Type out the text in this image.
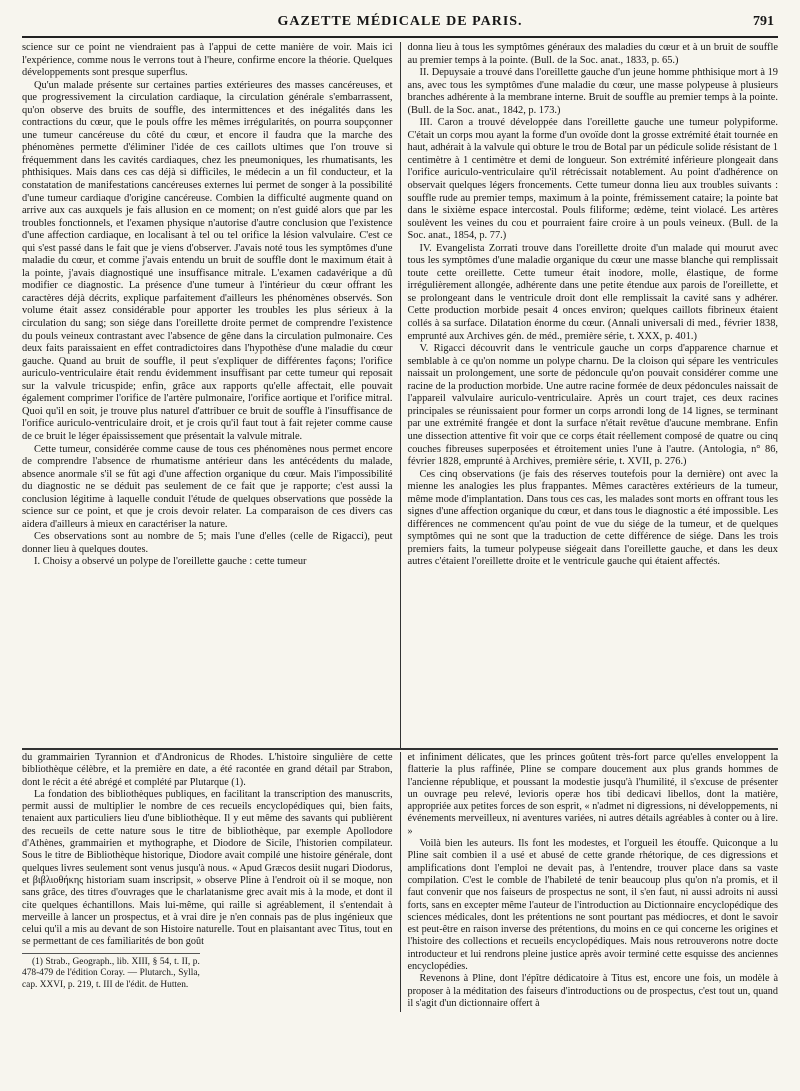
GAZETTE MÉDICALE DE PARIS.	791

science sur ce point ne viendraient pas à l'appui de cette manière de voir. Mais ici l'expérience, comme nous le verrons tout à l'heure, confirme encore la théorie. Quelques développements sont presque superflus.

Qu'un malade présente sur certaines parties extérieures des masses cancéreuses, et que progressivement la circulation cardiaque, la circulation générale s'embarrassent, qu'on observe des bruits de souffle, des intermittences et des inégalités dans les contractions du cœur, que le pouls offre les mêmes irrégularités, on pourra soupçonner une tumeur cancéreuse du côté du cœur, et encore il faudra que la marche des phénomènes permette d'éliminer l'idée de ces caillots ultimes que l'on trouve si fréquemment dans les cavités cardiaques, chez les pneumoniques, les rhumatisants, les phthisiques. Mais dans ces cas déjà si difficiles, le médecin a un fil conducteur, et la constatation de manifestations cancéreuses externes lui permet de songer à la possibilité d'une tumeur cardiaque d'origine cancéreuse. Combien la difficulté augmente quand on arrive aux cas auxquels je fais allusion en ce moment; on n'est guidé alors que par les troubles fonctionnels, et l'examen physique n'autorise d'autre conclusion que l'existence d'une affection cardiaque, en localisant à tel ou tel orifice la lésion valvulaire. C'est ce qui s'est passé dans le fait que je viens d'observer. J'avais noté tous les symptômes d'une maladie du cœur, et comme j'avais entendu un bruit de souffle dont le maximum était à la pointe, j'avais diagnostiqué une insuffisance mitrale. L'examen cadavérique a dû modifier ce diagnostic. La présence d'une tumeur à l'intérieur du cœur offrant les caractères déjà décrits, explique parfaitement d'ailleurs les phénomènes observés. Son volume était assez considérable pour apporter les troubles les plus sérieux à la circulation du sang; son siége dans l'oreillette droite permet de comprendre l'existence du pouls veineux contrastant avec l'absence de gêne dans la circulation pulmonaire. Ces deux faits paraissaient en effet contradictoires dans l'hypothèse d'une maladie du cœur gauche. Quand au bruit de souffle, il peut s'expliquer de différentes façons; l'orifice auriculo-ventriculaire était rendu évidemment insuffisant par cette tumeur qui reposait sur la valvule tricuspide; enfin, grâce aux rapports qu'elle affectait, elle pouvait également comprimer l'orifice de l'artère pulmonaire, l'orifice aortique et l'orifice mitral. Quoi qu'il en soit, je trouve plus naturel d'attribuer ce bruit de souffle à l'insuffisance de l'orifice auriculo-ventriculaire droit, et je crois qu'il faut tout à fait rejeter comme cause de ce bruit le léger épaississement que présentait la valvule mitrale.

Cette tumeur, considérée comme cause de tous ces phénomènes nous permet encore de comprendre l'absence de rhumatisme antérieur dans les antécédents du malade, absence anormale s'il se fût agi d'une affection organique du cœur. Mais l'impossibilité du diagnostic ne se déduit pas seulement de ce fait que je rapporte; c'est aussi la conclusion légitime à laquelle conduit l'étude de quelques observations que possède la science sur ce point, et que je crois devoir relater. La comparaison de ces divers cas aidera d'ailleurs à mieux en caractériser la nature.

Ces observations sont au nombre de 5; mais l'une d'elles (celle de Rigacci), peut donner lieu à quelques doutes.

I. Choisy a observé un polype de l'oreillette gauche : cette tumeur

donna lieu à tous les symptômes généraux des maladies du cœur et à un bruit de souffle au premier temps à la pointe. (Bull. de la Soc. anat., 1833, p. 65.)

II. Depuysaie a trouvé dans l'oreillette gauche d'un jeune homme phthisique mort à 19 ans, avec tous les symptômes d'une maladie du cœur, une masse polypeuse à plusieurs branches adhérente à la membrane interne. Bruit de souffle au premier temps à la pointe. (Bull. de la Soc. anat., 1842, p. 173.)

III. Caron a trouvé développée dans l'oreillette gauche une tumeur polypiforme. C'était un corps mou ayant la forme d'un ovoïde dont la grosse extrémité était tournée en haut, adhérait à la valvule qui obture le trou de Botal par un pédicule solide résistant de 1 centimètre à 1 centimètre et demi de longueur. Son extrémité inférieure plongeait dans l'orifice auriculo-ventriculaire qu'il rétrécissait notablement. Au point d'adhérence on observait quelques légers froncements. Cette tumeur donna lieu aux troubles suivants : souffle rude au premier temps, maximum à la pointe, frémissement cataire; la pointe bat dans le sixième espace intercostal. Pouls filiforme; œdème, teint violacé. Les artères soulèvent les veines du cou et pourraient faire croire à un pouls veineux. (Bull. de la Soc. anat., 1854, p. 77.)

IV. Evangelista Zorrati trouve dans l'oreillette droite d'un malade qui mourut avec tous les symptômes d'une maladie organique du cœur une masse blanche qui remplissait toute cette oreillette. Cette tumeur était inodore, molle, élastique, de forme irrégulièrement allongée, adhérente dans une petite étendue aux parois de l'oreillette, et se prolongeant dans le ventricule droit dont elle remplissait la cavité sans y adhérer. Cette production morbide pesait 4 onces environ; quelques caillots fibrineux étaient collés à sa surface. Dilatation énorme du cœur. (Annali universali di med., février 1838, emprunté aux Archives gén. de méd., première série, t. XXX, p. 401.)

V. Rigacci découvrit dans le ventricule gauche un corps d'apparence charnue et semblable à ce qu'on nomme un polype charnu. De la cloison qui sépare les ventricules naissait un prolongement, une sorte de pédoncule qu'on pouvait considérer comme une racine de la production morbide. Une autre racine formée de deux pédoncules naissait de l'appareil valvulaire auriculo-ventriculaire. Après un court trajet, ces deux racines principales se réunissaient pour former un corps arrondi long de 14 lignes, se terminant par une extrémité frangée et dont la surface n'était revêtue d'aucune membrane. Enfin une dissection attentive fit voir que ce corps était réellement composé de quatre ou cinq couches fibreuses superposées et étroitement unies l'une à l'autre. (Antologia, n° 86, février 1828, emprunté à Archives, première série, t. XVII, p. 276.)

Ces cinq observations (je fais des réserves toutefois pour la dernière) ont avec la mienne les analogies les plus frappantes. Mêmes caractères extérieurs de la tumeur, même mode d'implantation. Dans tous ces cas, les malades sont morts en offrant tous les signes d'une affection organique du cœur, et dans tous le diagnostic a été impossible. Les différences ne commencent qu'au point de vue du siége de la tumeur, et de quelques symptômes qui ne sont que la traduction de cette différence de siége. Dans les trois premiers faits, la tumeur polypeuse siégeait dans l'oreillette gauche, et dans les deux autres c'étaient l'oreillette droite et le ventricule gauche qui étaient affectés.

du grammairien Tyrannion et d'Andronicus de Rhodes. L'histoire singulière de cette bibliothèque célèbre, et la première en date, a été racontée en grand détail par Strabon, dont le récit a été abrégé et complété par Plutarque (1).

La fondation des bibliothèques publiques, en facilitant la transcription des manuscrits, permit aussi de multiplier le nombre de ces recueils encyclopédiques qui, bien faits, tenaient aux particuliers lieu d'une bibliothèque. Il y eut même des savants qui publièrent des recueils de cette nature sous le titre de bibliothèque, par exemple Apollodore d'Athènes, grammairien et mythographe, et Diodore de Sicile, l'historien compilateur. Sous le titre de Bibliothèque historique, Diodore avait compilé une histoire générale, dont quelques livres seulement sont venus jusqu'à nous. « Apud Græcos desiit nugari Diodorus, et βιβλιοθήκης historiam suam inscripsit, » observe Pline à l'endroit où il se moque, non sans grâce, des titres d'ouvrages que le charlatanisme grec avait mis à la mode, et dont il cite quelques échantillons. Mais lui-même, qui raille si agréablement, il s'entendait à merveille à lancer un prospectus, et à vrai dire je n'en connais pas de plus ingénieux que celui qu'il a mis au devant de son Histoire naturelle. Tout en plaisantant avec Titus, tout en se permettant de ces familiarités de bon goût

(1) Strab., Geograph., lib. XIII, § 54, t. II, p. 478-479 de l'édition Coray. — Plutarch., Sylla, cap. XXVI, p. 219, t. III de l'édit. de Hutten.

et infiniment délicates, que les princes goûtent très-fort parce qu'elles enveloppent la flatterie la plus raffinée, Pline se compare doucement aux plus grands hommes de l'ancienne république, et poussant la modestie jusqu'à l'humilité, il s'excuse de présenter un ouvrage peu relevé, levioris operæ hos tibi dedicavi libellos, dont la matière, appropriée aux petites forces de son esprit, « n'admet ni digressions, ni développements, ni événements merveilleux, ni aventures variées, ni autres détails agréables à conter ou à lire. »

Voilà bien les auteurs. Ils font les modestes, et l'orgueil les étouffe. Quiconque a lu Pline sait combien il a usé et abusé de cette grande rhétorique, de ces digressions et amplifications dont l'emploi ne devait pas, à l'entendre, trouver place dans sa vaste compilation. C'est le comble de l'habileté de tenir beaucoup plus qu'on n'a promis, et il faut convenir que nos faiseurs de prospectus ne sont, il s'en faut, ni aussi adroits ni aussi forts, sans en excepter même l'auteur de l'introduction au Dictionnaire encyclopédique des sciences médicales, dont les prétentions ne sont pourtant pas médiocres, et dont le savoir est peut-être en raison inverse des prétentions, du moins en ce qui concerne les origines et l'histoire des collections et recueils encyclopédiques. Mais nous retrouverons notre docte introducteur et lui rendrons pleine justice après avoir terminé cette esquisse des anciennes encyclopédies.

Revenons à Pline, dont l'épître dédicatoire à Titus est, encore une fois, un modèle à proposer à la méditation des faiseurs d'introductions ou de prospectus, c'est tout un, quand il s'agit d'un dictionnaire offert à
